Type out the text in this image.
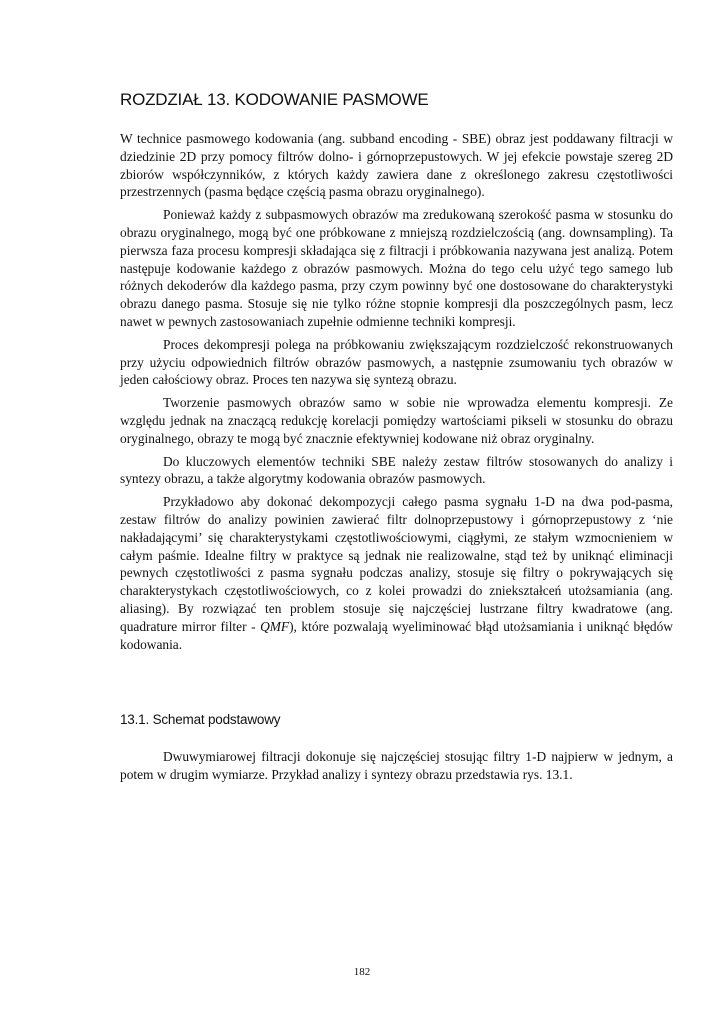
ROZDZIAŁ 13. KODOWANIE PASMOWE

W technice pasmowego kodowania (ang. subband encoding - SBE) obraz jest poddawany filtracji w dziedzinie 2D przy pomocy filtrów dolno- i górnoprzepustowych. W jej efekcie powstaje szereg 2D zbiorów współczynników, z których każdy zawiera dane z określonego zakresu częstotliwości przestrzennych (pasma będące częścią pasma obrazu oryginalnego).

Ponieważ każdy z subpasmowych obrazów ma zredukowaną szerokość pasma w stosunku do obrazu oryginalnego, mogą być one próbkowane z mniejszą rozdzielczością (ang. downsampling). Ta pierwsza faza procesu kompresji składająca się z filtracji i próbkowania nazywana jest analizą. Potem następuje kodowanie każdego z obrazów pasmowych. Można do tego celu użyć tego samego lub różnych dekoderów dla każdego pasma, przy czym powinny być one dostosowane do charakterystyki obrazu danego pasma. Stosuje się nie tylko różne stopnie kompresji dla poszczególnych pasm, lecz nawet w pewnych zastosowaniach zupełnie odmienne techniki kompresji.

Proces dekompresji polega na próbkowaniu zwiększającym rozdzielczość rekonstruowanych przy użyciu odpowiednich filtrów obrazów pasmowych, a następnie zsumowaniu tych obrazów w jeden całościowy obraz. Proces ten nazywa się syntezą obrazu.

Tworzenie pasmowych obrazów samo w sobie nie wprowadza elementu kompresji. Ze względu jednak na znaczącą redukcję korelacji pomiędzy wartościami pikseli w stosunku do obrazu oryginalnego, obrazy te mogą być znacznie efektywniej kodowane niż obraz oryginalny.

Do kluczowych elementów techniki SBE należy zestaw filtrów stosowanych do analizy i syntezy obrazu, a także algorytmy kodowania obrazów pasmowych.

Przykładowo aby dokonać dekompozycji całego pasma sygnału 1-D na dwa pod-pasma, zestaw filtrów do analizy powinien zawierać filtr dolnoprzepustowy i górnoprzepustowy z ‘nie nakładającymi’ się charakterystykami częstotliwościowymi, ciągłymi, ze stałym wzmocnieniem w całym paśmie. Idealne filtry w praktyce są jednak nie realizowalne, stąd też by uniknąć eliminacji pewnych częstotliwości z pasma sygnału podczas analizy, stosuje się filtry o pokrywających się charakterystykach częstotliwościowych, co z kolei prowadzi do zniekształceń utożsamiania (ang. aliasing). By rozwiązać ten problem stosuje się najczęściej lustrzane filtry kwadratowe (ang. quadrature mirror filter - QMF), które pozwalają wyeliminować błąd utożsamiania i uniknąć błędów kodowania.

13.1. Schemat podstawowy

Dwuwymiarowej filtracji dokonuje się najczęściej stosując filtry 1-D najpierw w jednym, a potem w drugim wymiarze. Przykład analizy i syntezy obrazu przedstawia rys. 13.1.

182
